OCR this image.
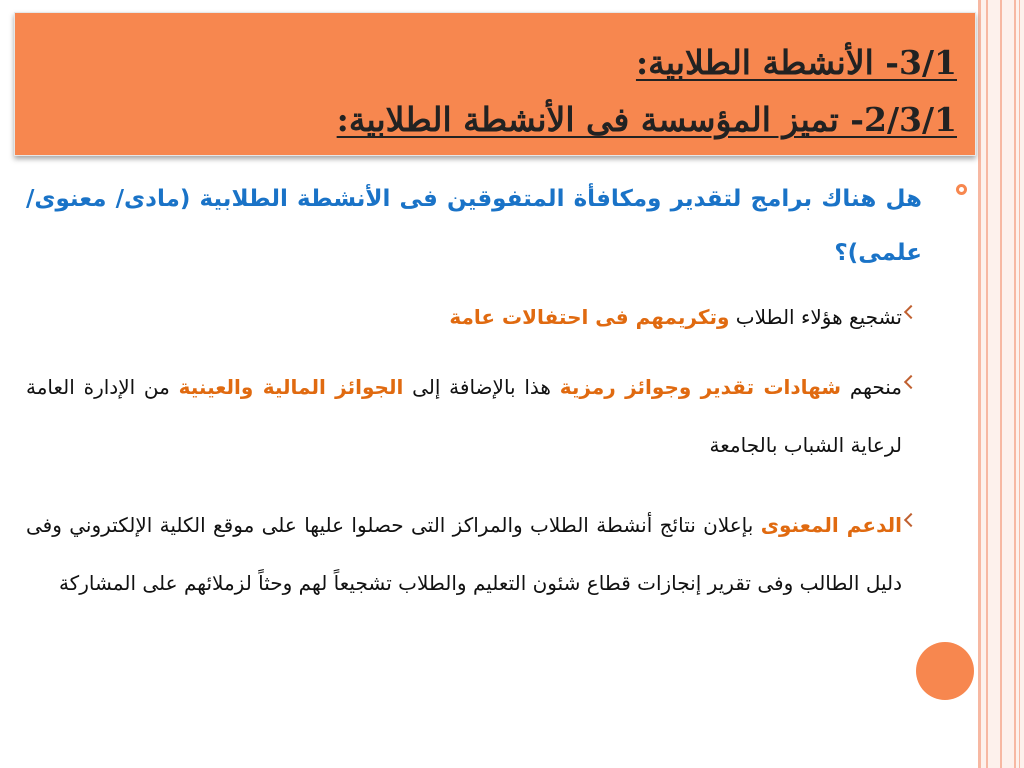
3/1- الأنشطة الطلابية:
2/3/1- تميز المؤسسة فى الأنشطة الطلابية:
هل هناك برامج لتقدير ومكافأة المتفوقين فى الأنشطة الطلابية (مادى/ معنوى/ علمى)؟
تشجيع هؤلاء الطلاب وتكريمهم فى احتفالات عامة
منحهم شهادات تقدير وجوائز رمزية هذا بالإضافة إلى الجوائز المالية والعينية من الإدارة العامة لرعاية الشباب بالجامعة
الدعم المعنوى بإعلان نتائج أنشطة الطلاب والمراكز التى حصلوا عليها على موقع الكلية الإلكتروني وفى دليل الطالب وفى تقرير إنجازات قطاع شئون التعليم والطلاب تشجيعاً لهم وحثاً لزملائهم على المشاركة
